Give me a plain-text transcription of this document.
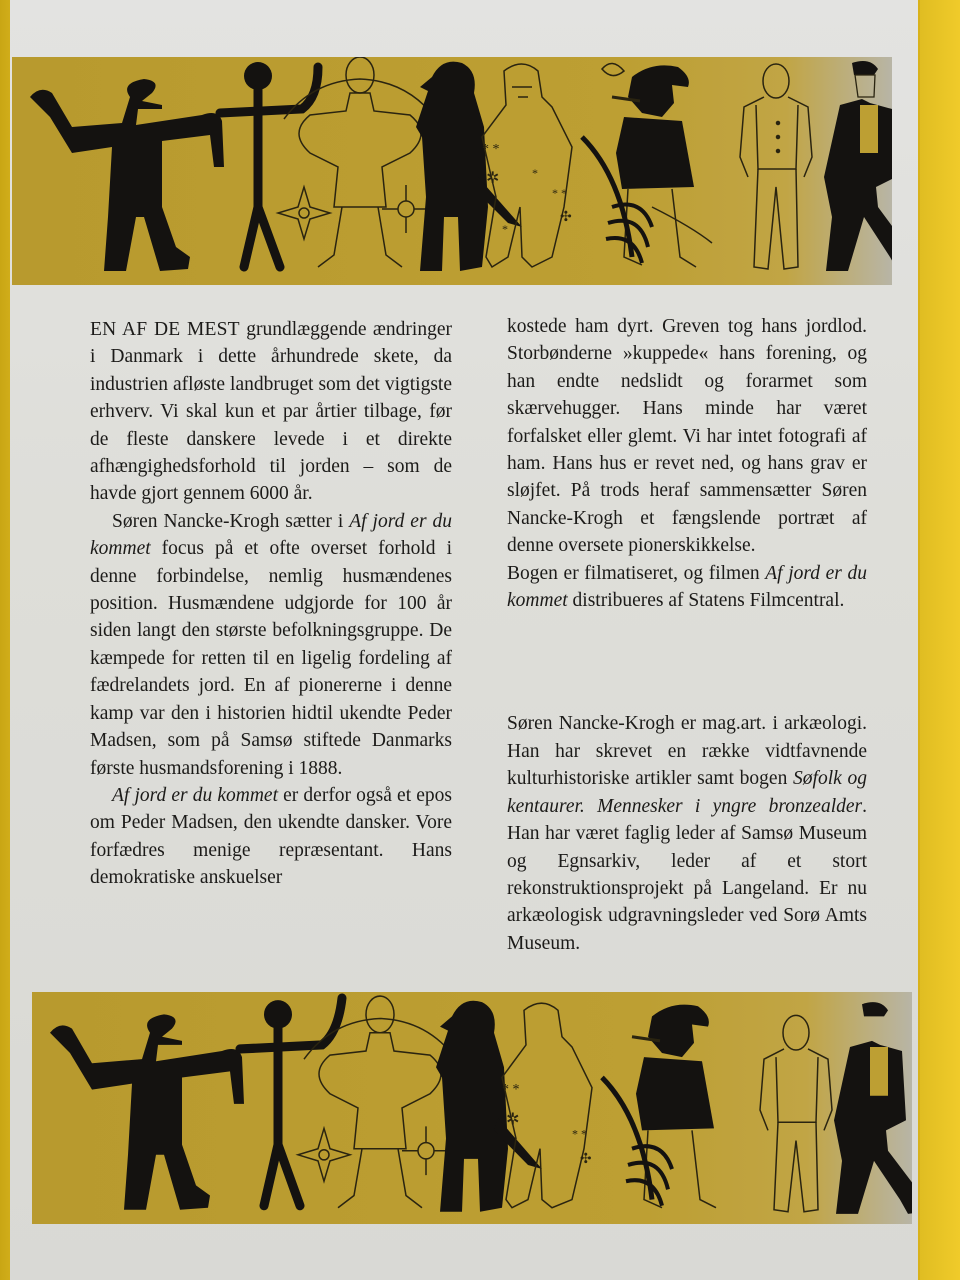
* *
✲	*
* *
✣
*

EN AF DE MEST grundlæggende ændringer i Danmark i dette århundrede skete, da industrien afløste landbruget som det vigtigste erhverv. Vi skal kun et par årtier tilbage, før de fleste danskere levede i et direkte afhængighedsforhold til jorden – som de havde gjort gennem 6000 år.

Søren Nancke-Krogh sætter i Af jord er du kommet focus på et ofte overset forhold i denne forbindelse, nemlig husmændenes position. Husmændene udgjorde for 100 år siden langt den største befolkningsgruppe. De kæmpede for retten til en ligelig fordeling af fædrelandets jord. En af pionererne i denne kamp var den i historien hidtil ukendte Peder Madsen, som på Samsø stiftede Danmarks første husmandsforening i 1888.

Af jord er du kommet er derfor også et epos om Peder Madsen, den ukendte dansker. Vore forfædres menige repræsentant. Hans demokratiske anskuelser

kostede ham dyrt. Greven tog hans jordlod. Storbønderne »kuppede« hans forening, og han endte nedslidt og forarmet som skærvehugger. Hans minde har været forfalsket eller glemt. Vi har intet fotografi af ham. Hans hus er revet ned, og hans grav er sløjfet. På trods heraf sammensætter Søren Nancke-Krogh et fængslende portræt af denne oversete pionerskikkelse.

Bogen er filmatiseret, og filmen Af jord er du kommet distribueres af Statens Filmcentral.

Søren Nancke-Krogh er mag.art. i arkæologi. Han har skrevet en række vidtfavnende kulturhistoriske artikler samt bogen Søfolk og kentaurer. Mennesker i yngre bronzealder. Han har været faglig leder af Samsø Museum og Egnsarkiv, leder af et stort rekonstruktionsprojekt på Langeland. Er nu arkæologisk udgravningsleder ved Sorø Amts Museum.

* *
✲
* *
✣
